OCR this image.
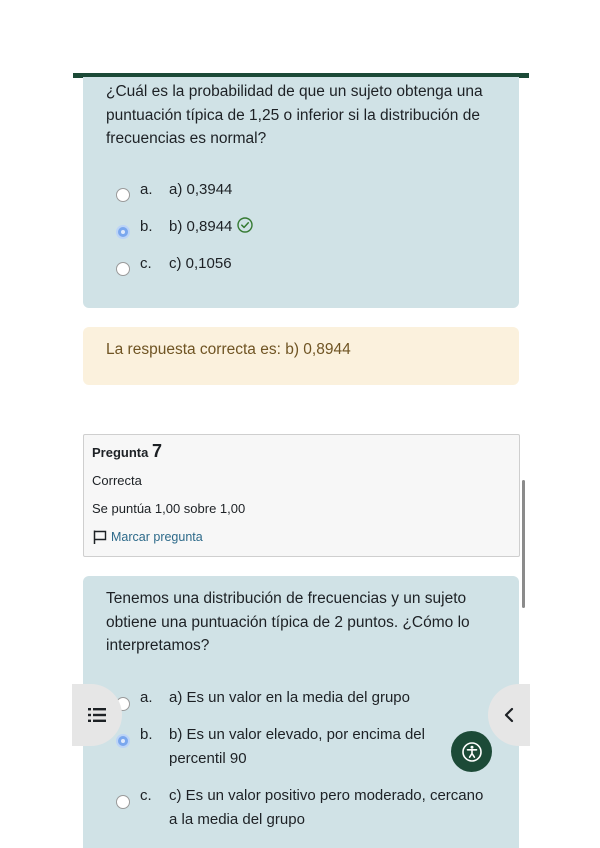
¿Cuál es la probabilidad de que un sujeto obtenga una puntuación típica de 1,25 o inferior si la distribución de frecuencias es normal?
a. a) 0,3944
b. b) 0,8944
c. c) 0,1056
La respuesta correcta es: b) 0,8944
Pregunta 7
Correcta
Se puntúa 1,00 sobre 1,00
Marcar pregunta
Tenemos una distribución de frecuencias y un sujeto obtiene una puntuación típica de 2 puntos. ¿Cómo lo interpretamos?
a. a) Es un valor en la media del grupo
b. b) Es un valor elevado, por encima del percentil 90
c. c) Es un valor positivo pero moderado, cercano a la media del grupo
